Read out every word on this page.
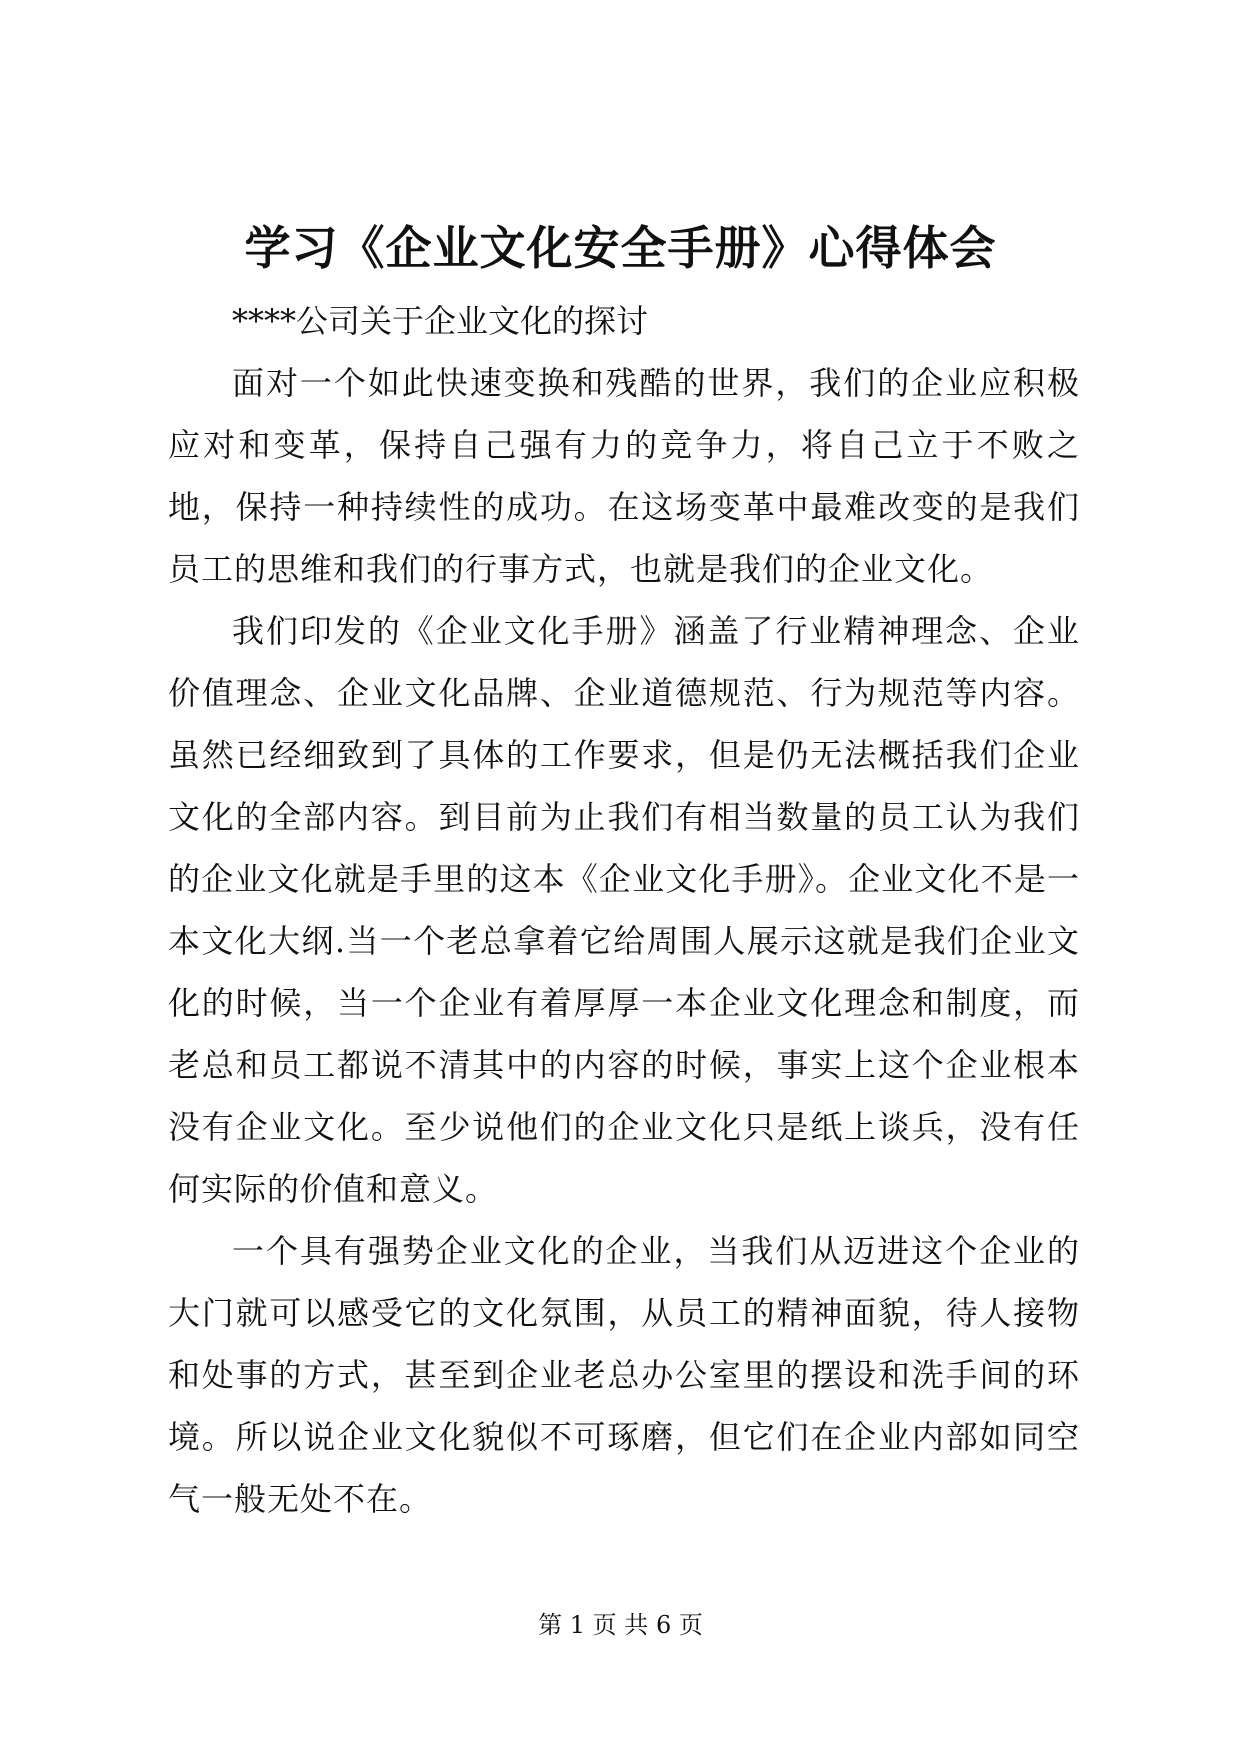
学习《企业文化安全手册》心得体会

****公司关于企业文化的探讨

面对一个如此快速变换和残酷的世界，我们的企业应积极应对和变革，保持自己强有力的竞争力，将自己立于不败之地，保持一种持续性的成功。在这场变革中最难改变的是我们员工的思维和我们的行事方式，也就是我们的企业文化。

我们印发的《企业文化手册》涵盖了行业精神理念、企业价值理念、企业文化品牌、企业道德规范、行为规范等内容。虽然已经细致到了具体的工作要求，但是仍无法概括我们企业文化的全部内容。到目前为止我们有相当数量的员工认为我们的企业文化就是手里的这本《企业文化手册》。企业文化不是一本文化大纲.当一个老总拿着它给周围人展示这就是我们企业文化的时候，当一个企业有着厚厚一本企业文化理念和制度，而老总和员工都说不清其中的内容的时候，事实上这个企业根本没有企业文化。至少说他们的企业文化只是纸上谈兵，没有任何实际的价值和意义。

一个具有强势企业文化的企业，当我们从迈进这个企业的大门就可以感受它的文化氛围，从员工的精神面貌，待人接物和处事的方式，甚至到企业老总办公室里的摆设和洗手间的环境。所以说企业文化貌似不可琢磨，但它们在企业内部如同空气一般无处不在。

第 1 页 共 6 页
